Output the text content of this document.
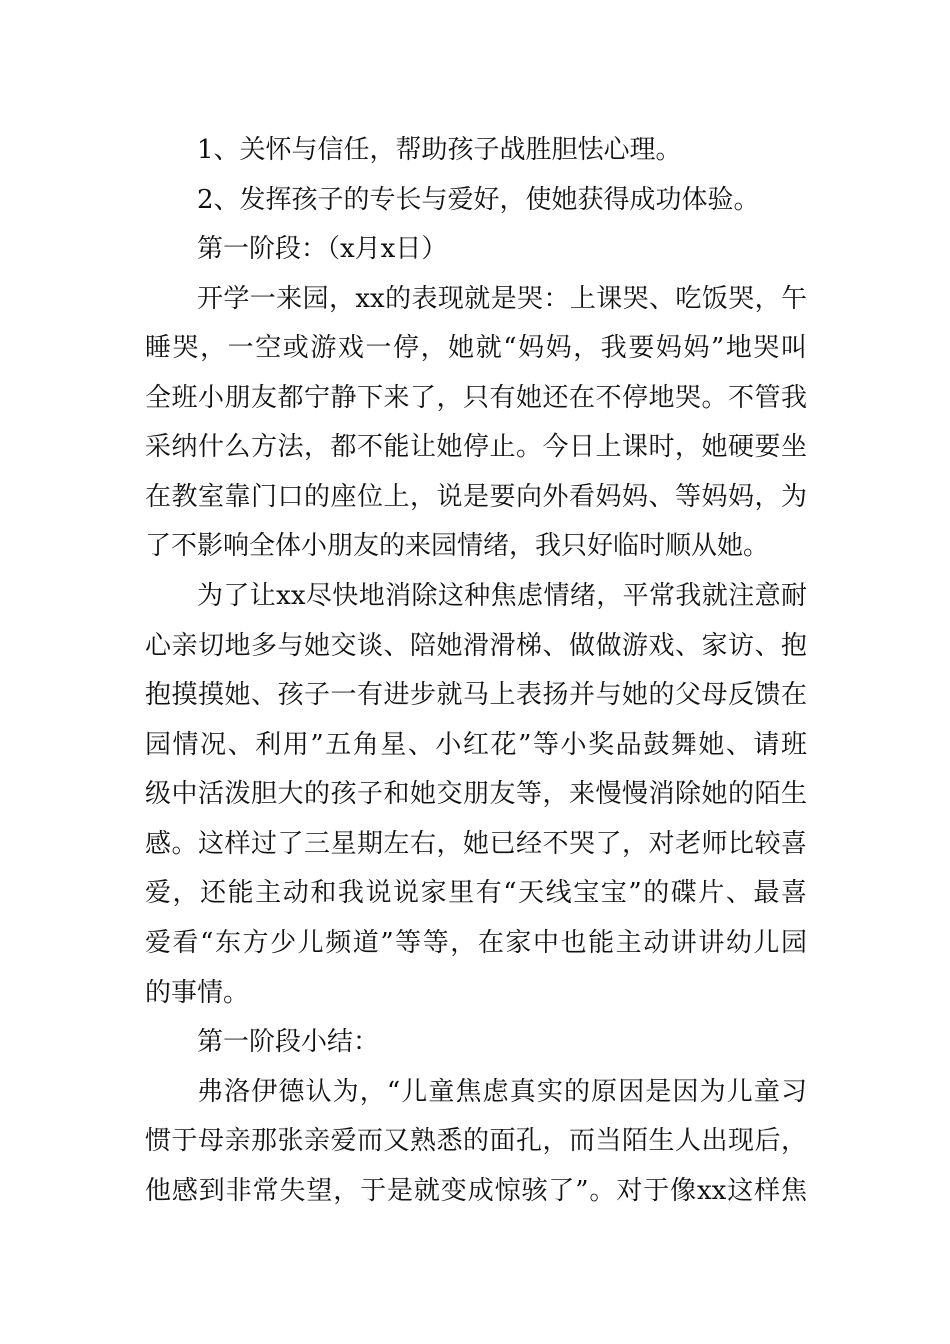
1、关怀与信任，帮助孩子战胜胆怯心理。
2、发挥孩子的专长与爱好，使她获得成功体验。
第一阶段：（x月x日）
开学一来园，xx的表现就是哭：上课哭、吃饭哭，午
睡哭，一空或游戏一停，她就“妈妈，我要妈妈”地哭叫
全班小朋友都宁静下来了，只有她还在不停地哭。不管我
采纳什么方法，都不能让她停止。今日上课时，她硬要坐
在教室靠门口的座位上，说是要向外看妈妈、等妈妈，为
了不影响全体小朋友的来园情绪，我只好临时顺从她。
为了让xx尽快地消除这种焦虑情绪，平常我就注意耐
心亲切地多与她交谈、陪她滑滑梯、做做游戏、家访、抱
抱摸摸她、孩子一有进步就马上表扬并与她的父母反馈在
园情况、利用”五角星、小红花”等小奖品鼓舞她、请班
级中活泼胆大的孩子和她交朋友等，来慢慢消除她的陌生
感。这样过了三星期左右，她已经不哭了，对老师比较喜
爱，还能主动和我说说家里有“天线宝宝”的碟片、最喜
爱看“东方少儿频道”等等，在家中也能主动讲讲幼儿园
的事情。
第一阶段小结：
弗洛伊德认为，“儿童焦虑真实的原因是因为儿童习
惯于母亲那张亲爱而又熟悉的面孔，而当陌生人出现后，
他感到非常失望，于是就变成惊骇了”。对于像xx这样焦
